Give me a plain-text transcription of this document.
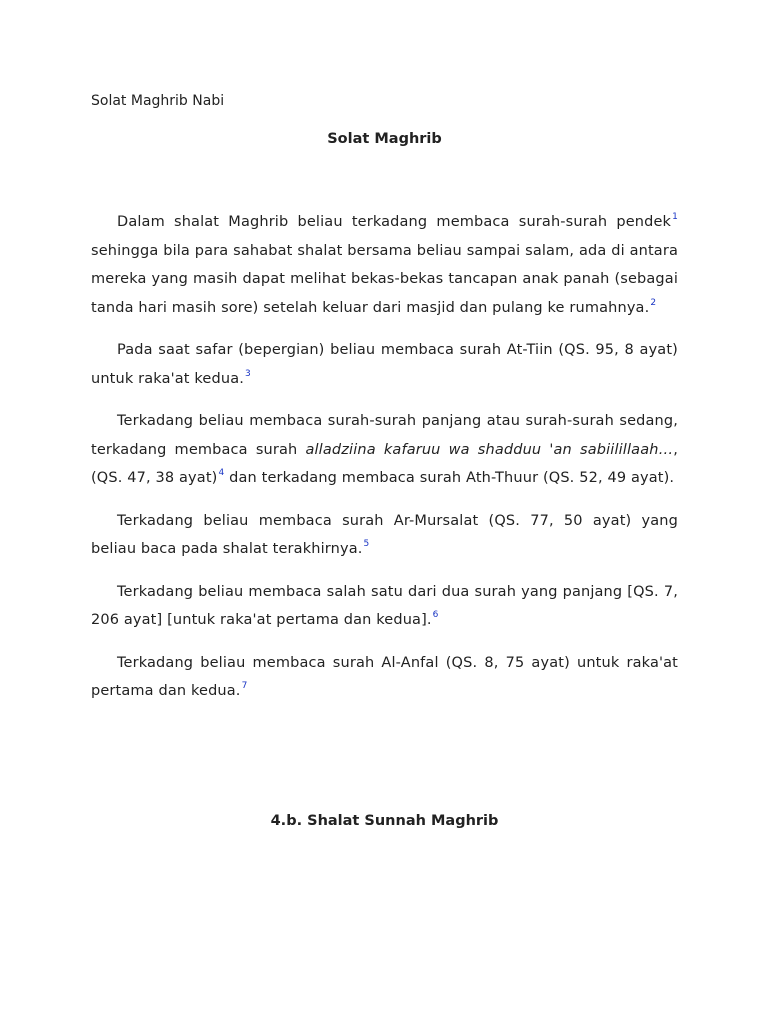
Solat Maghrib Nabi

Solat Maghrib

Dalam shalat Maghrib beliau terkadang membaca surah-surah pendek$^1$ sehingga bila para sahabat shalat bersama beliau sampai salam, ada di antara mereka yang masih dapat melihat bekas-bekas tancapan anak panah (sebagai tanda hari masih sore) setelah keluar dari masjid dan pulang ke rumahnya.$^2$

Pada saat safar (bepergian) beliau membaca surah At-Tiin (QS. 95, 8 ayat) untuk raka'at kedua.$^3$

Terkadang beliau membaca surah-surah panjang atau surah-surah sedang, terkadang membaca surah alladziina kafaruu wa shadduu 'an sabiilillaah…, (QS. 47, 38 ayat)$^4$ dan terkadang membaca surah Ath-Thuur (QS. 52, 49 ayat).

Terkadang beliau membaca surah Ar-Mursalat (QS. 77, 50 ayat) yang beliau baca pada shalat terakhirnya.$^5$

Terkadang beliau membaca salah satu dari dua surah yang panjang [QS. 7, 206 ayat] [untuk raka'at pertama dan kedua].$^6$

Terkadang beliau membaca surah Al-Anfal (QS. 8, 75 ayat) untuk raka'at pertama dan kedua.$^7$

4.b. Shalat Sunnah Maghrib
